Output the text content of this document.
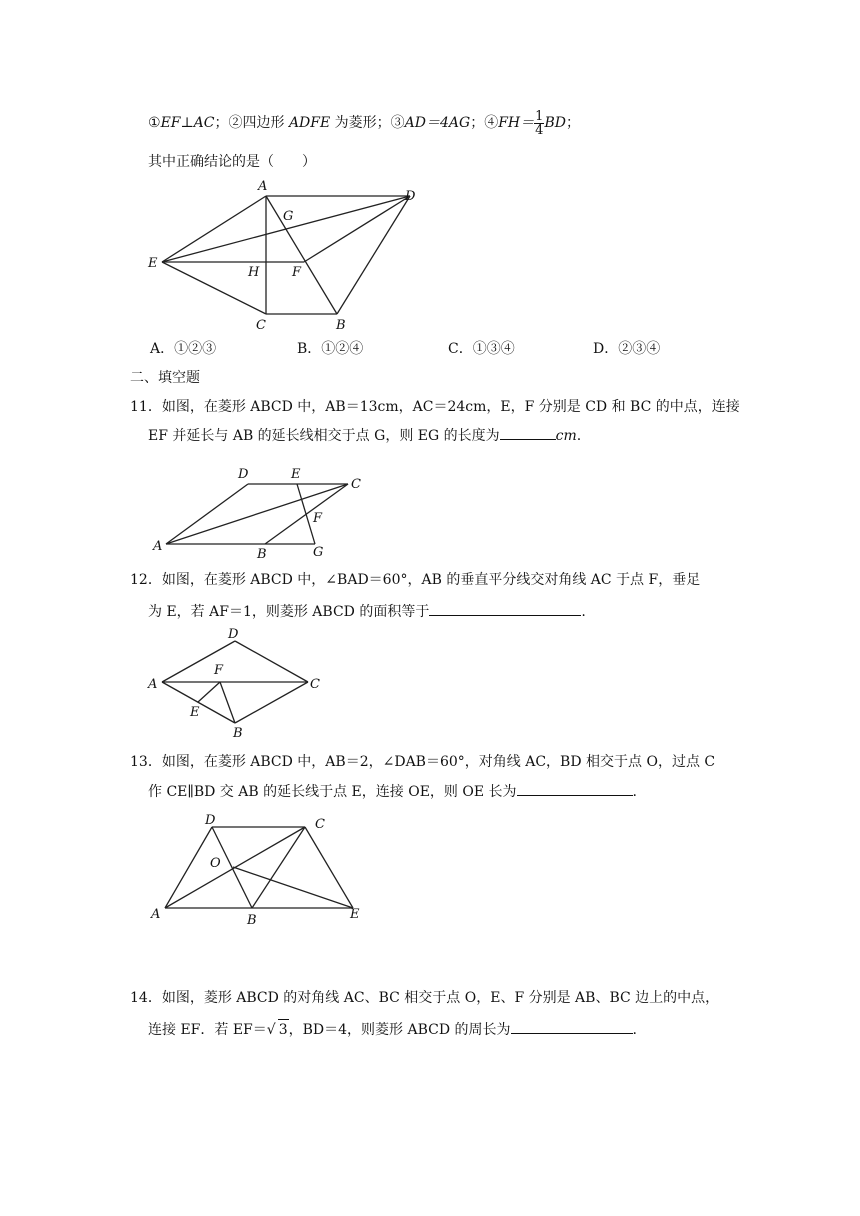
①EF⊥AC；②四边形 ADFE 为菱形；③AD＝4AG；④FH＝ $\frac{1}{4}$ BD；
其中正确结论的是（　　）
A
D
G
E
H	F
C	B
A．①②③	B．①②④	C．①③④	D．②③④
二、填空题
11．如图，在菱形 ABCD 中，AB＝13cm，AC＝24cm，E，F 分别是 CD 和 BC 的中点，连接
EF 并延长与 AB 的延长线相交于点 G，则 EG 的长度为	cm.
D	E
C
F
A
B	G
12．如图，在菱形 ABCD 中，∠BAD＝60°，AB 的垂直平分线交对角线 AC 于点 F，垂足
为 E，若 AF＝1，则菱形 ABCD 的面积等于	.
D
F
A	C
E
B
13．如图，在菱形 ABCD 中，AB＝2，∠DAB＝60°，对角线 AC，BD 相交于点 O，过点 C
作 CE∥BD 交 AB 的延长线于点 E，连接 OE，则 OE 长为	.
D	C
O
A	B	E
14．如图，菱形 ABCD 的对角线 AC、BC 相交于点 O，E、F 分别是 AB、BC 边上的中点，
连接 EF．若 EF＝√ 3，BD＝4，则菱形 ABCD 的周长为	.
